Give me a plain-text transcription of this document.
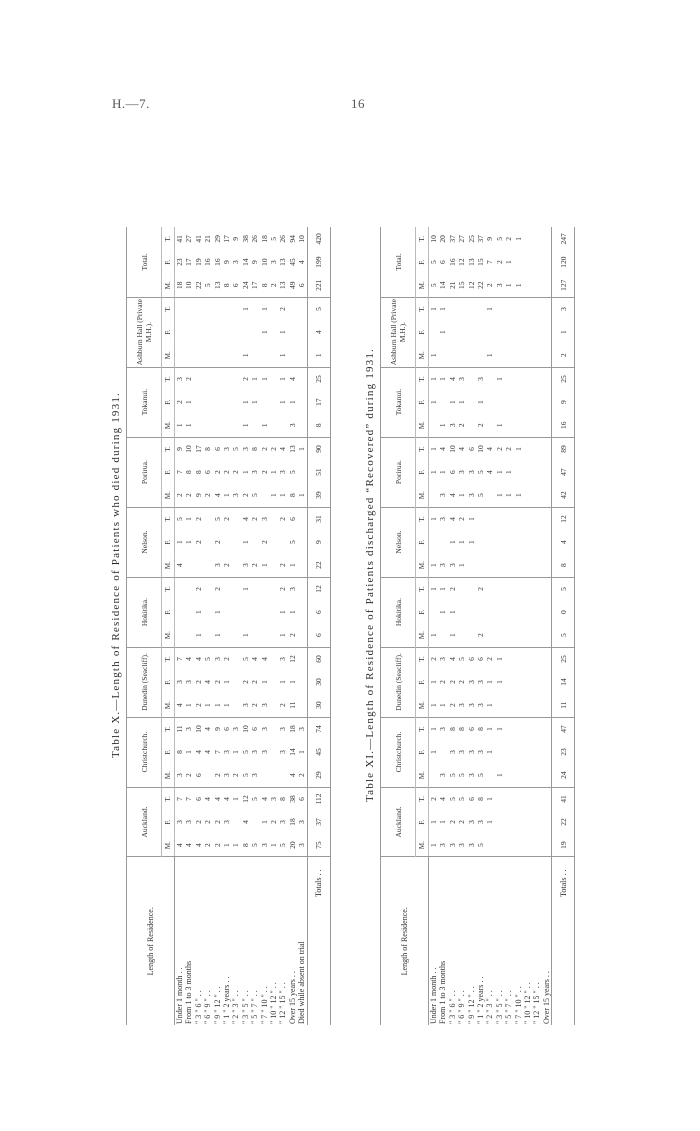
H.—7.	16
Table X.—Length of Residence of Patients who died during 1931.
Length of Residence.	Auckland.			Christchurch.			Dunedin (Seacliff).			Hokitika.			Nelson.			Porirua.			Tokanui.			Ashburn Hall (Private M.H.).			Total.		
	M.	F.	T.	M.	F.	T.	M.	F.	T.	M.	F.	T.	M.	F.	T.	M.	F.	T.	M.	F.	T.	M.	F.	T.	M.	F.	T.
Under 1 month . .	4	3	7	3	8	11	4	3	7				4	1	5	2	7	9	1	2	3				18	23	41
From 1 to 3 months	4	3	7	2	1	3	1	3	4					1	1	2	8	10	1	1	2				10	17	27
" 3 " 6 " . .	4	2	6	6	4	10	2	2	4	1	1	2		2	2	9	8	17							22	19	41
" 6 " 9 " . .	2	2	4		4	4	1	4	5							2	6	8							5	16	21
" 9 " 12 " . .	2	2	4	2	7	9	1	2	3	1	1	2	3	2	5	4	2	6							13	16	29
" 1 " 2 years . .	1	3	4	3	3	6	1	1	2				2		2	1	2	3							8	9	17
" 2 " 3 " . .	1		1	2	1	3										3	2	5							6	3	9
" 3 " 5 " . .	8	4	12	5	5	10	3	2	5	1		1	3	1	4	2	1	3	1	1	2	1		1	24	14	38
" 5 " 7 " . .	5		5	3	3	6	2	2	4				2		2	5	3	8		1	1				17	9	26
" 7 " 10 " . .	3	1	4		3	3	3	1	4				1	2	3		2	2	1		1		1	1	8	10	18
" 10 " 12 " . .	1	2	3													1	1	2							2	3	5
" 12 " 15 " . .	5	3	8		3	3	2	1	3	1	1	2	2		2	1	3	4		1	1	1	1	2	13	13	26
Over 15 years . .	20	18	38	4	14	18	11	1	12	2	1	3	1	5	6	8	5	13	3	1	4				49	45	94
Died while absent on trial	3	3	6	2	1	3										1		1							6	4	10
Totals . .	75	37	112	29	45	74	30	30	60	6	6	12	22	9	31	39	51	90	8	17	25	1	4	5	221	199	420
Table XI.—Length of Residence of Patients discharged “Recovered” during 1931.
Length of Residence.	Auckland.			Christchurch.			Dunedin (Seacliff).			Hokitika.			Nelson.			Porirua.			Tokanui.			Ashburn Hall (Private M.H.).			Total.		
	M.	F.	T.	M.	F.	T.	M.	F.	T.	M.	F.	T.	M.	F.	T.	M.	F.	T.	M.	F.	T.	M.	F.	T.	M.	F.	T.
Under 1 month . .	1	1	2		1	1	1	1	2	1		1	1		1		1	1		1	1	1		1	5	5	10
From 1 to 3 months	3	1	4	3		3	1	2	3		1	1	3		3	3	1	4	1		1		1	1	14	6	20
" 3 " 6 " . .	3	2	5	5	3	8	2	2	4	1	1	2	3	1	4	4	6	10	3	1	4				21	16	37
" 6 " 9 " . .	3	2	5	5	3	8	3	2	5				1	1	2	1	3	4	2	1	3				15	12	27
" 9 " 12 " . .	3	3	6	3	3	6	3	3	6					1	1	3	3	6							12	13	25
" 1 " 2 years . .	5	3	8	5	3	8	3	3	6	2		2				5	5	10	2	1	3				22	15	37
" 2 " 3 " . .		1	1		1	1	1	1	2								4	4				1		1	2	7	9
" 3 " 5 " . .				1		1		1	1							1	1	2	1		1				3	2	5
" 5 " 7 " . .																1	1	2							1	1	2
" 7 " 10 " . .																1		1							1		1
" 10 " 12 " . .																											
" 12 " 15 " . .																											
Over 15 years . .																											
Totals . .	19	22	41	24	23	47	11	14	25	5	0	5	8	4	12	42	47	89	16	9	25	2	1	3	127	120	247
